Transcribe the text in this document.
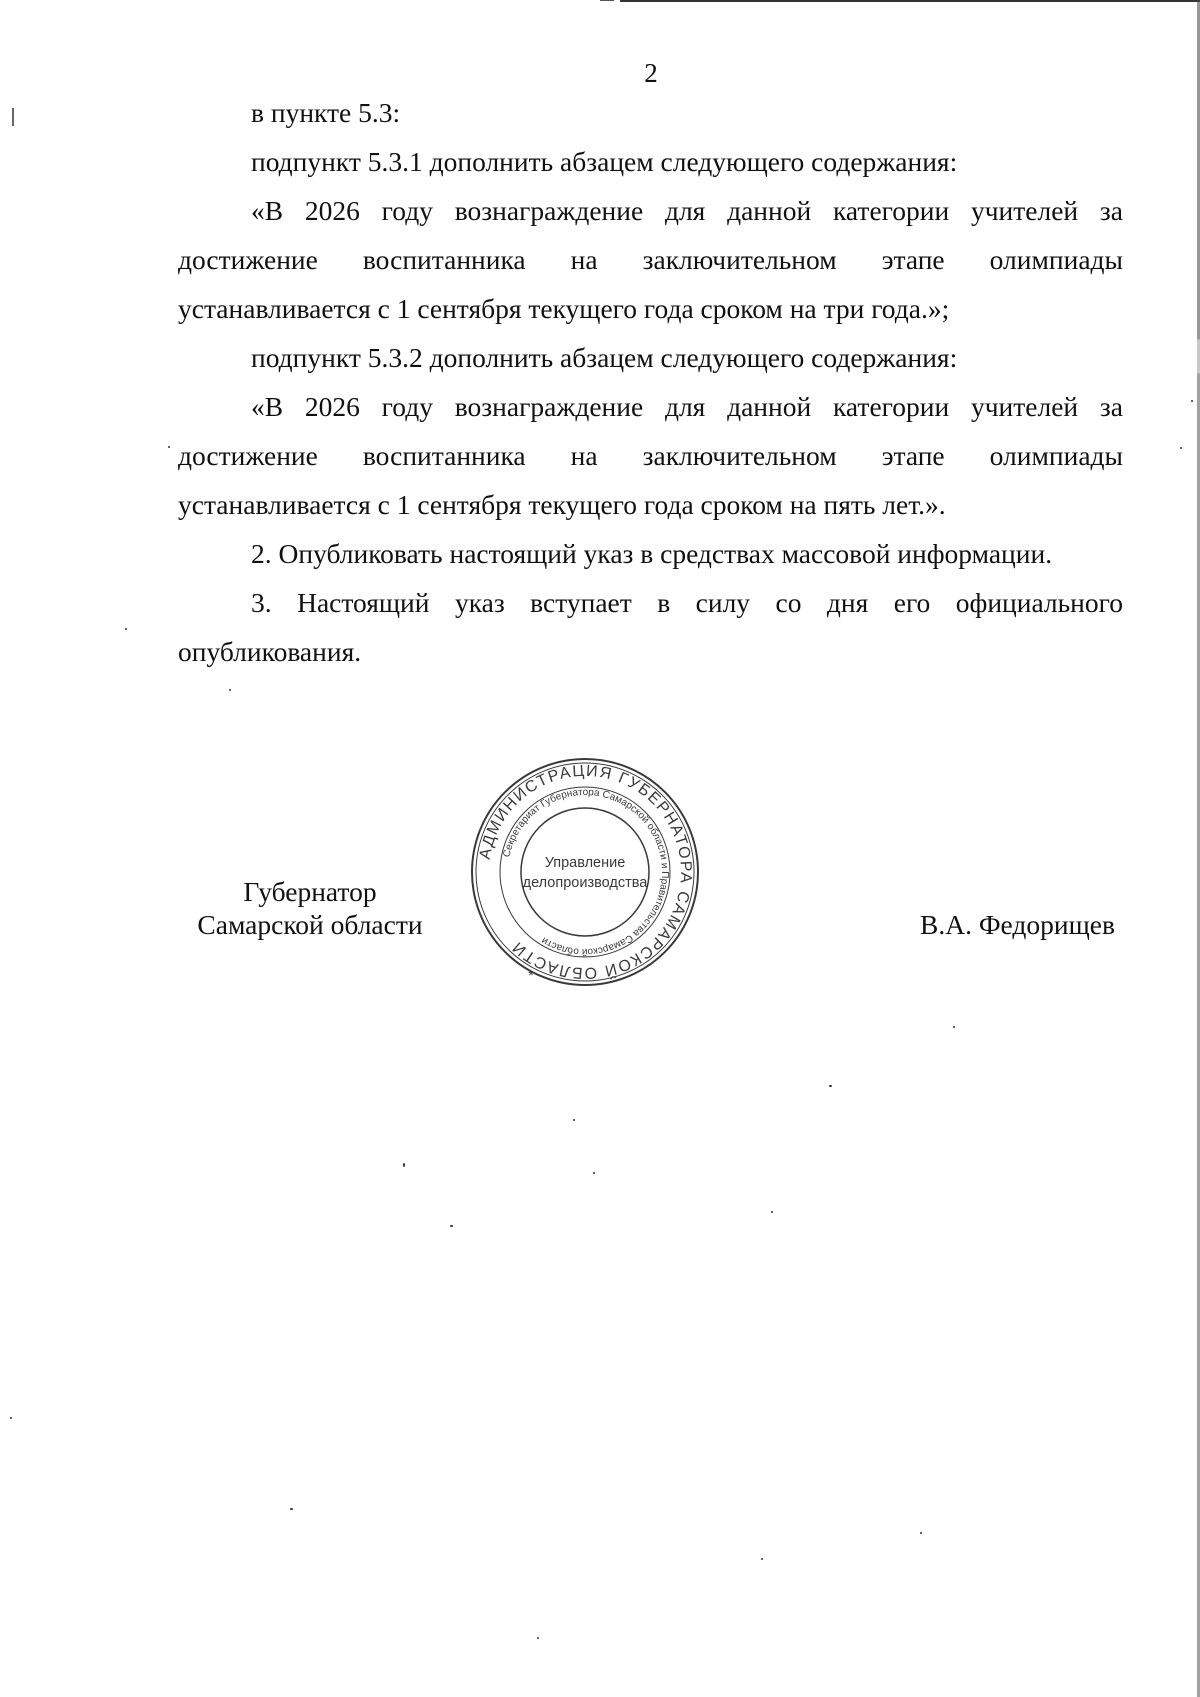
2

в пункте 5.3:

подпункт 5.3.1 дополнить абзацем следующего содержания:

«В 2026 году вознаграждение для данной категории учителей за достижение воспитанника на заключительном этапе олимпиады устанавливается с 1 сентября текущего года сроком на три года.»;

подпункт 5.3.2 дополнить абзацем следующего содержания:

«В 2026 году вознаграждение для данной категории учителей за достижение воспитанника на заключительном этапе олимпиады устанавливается с 1 сентября текущего года сроком на пять лет.».

2. Опубликовать настоящий указ в средствах массовой информации.

3. Настоящий указ вступает в силу со дня его официального опубликования.

Губернатор
Самарской области	В.А. Федорищев
АДМИНИСТРАЦИЯ ГУБЕРНАТОРА САМАРСКОЙ ОБЛАСТИ
Секретариат Губернатора Самарской области и Правительства Самарской области
*
Управление
делопроизводства
